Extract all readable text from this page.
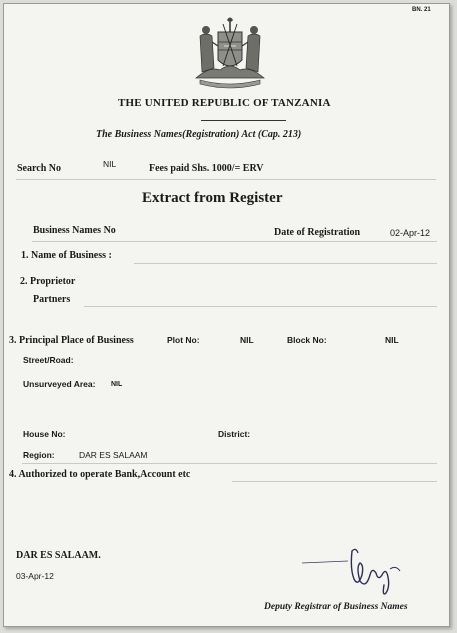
BN. 21
THE UNITED REPUBLIC OF TANZANIA
The Business Names(Registration) Act (Cap. 213)
Search No	NIL	Fees paid Shs. 1000/= ERV
Extract from Register
Business Names No	Date of Registration	02-Apr-12
1. Name of Business :
2. Proprietor
Partners
3. Principal Place of Business	Plot No:	NIL	Block No:	NIL
Street/Road:
Unsurveyed Area: NIL
House No:	District:
Region:	DAR ES SALAAM
4. Authorized to operate Bank,Account etc
DAR ES SALAAM.
03-Apr-12
Deputy Registrar of Business Names
